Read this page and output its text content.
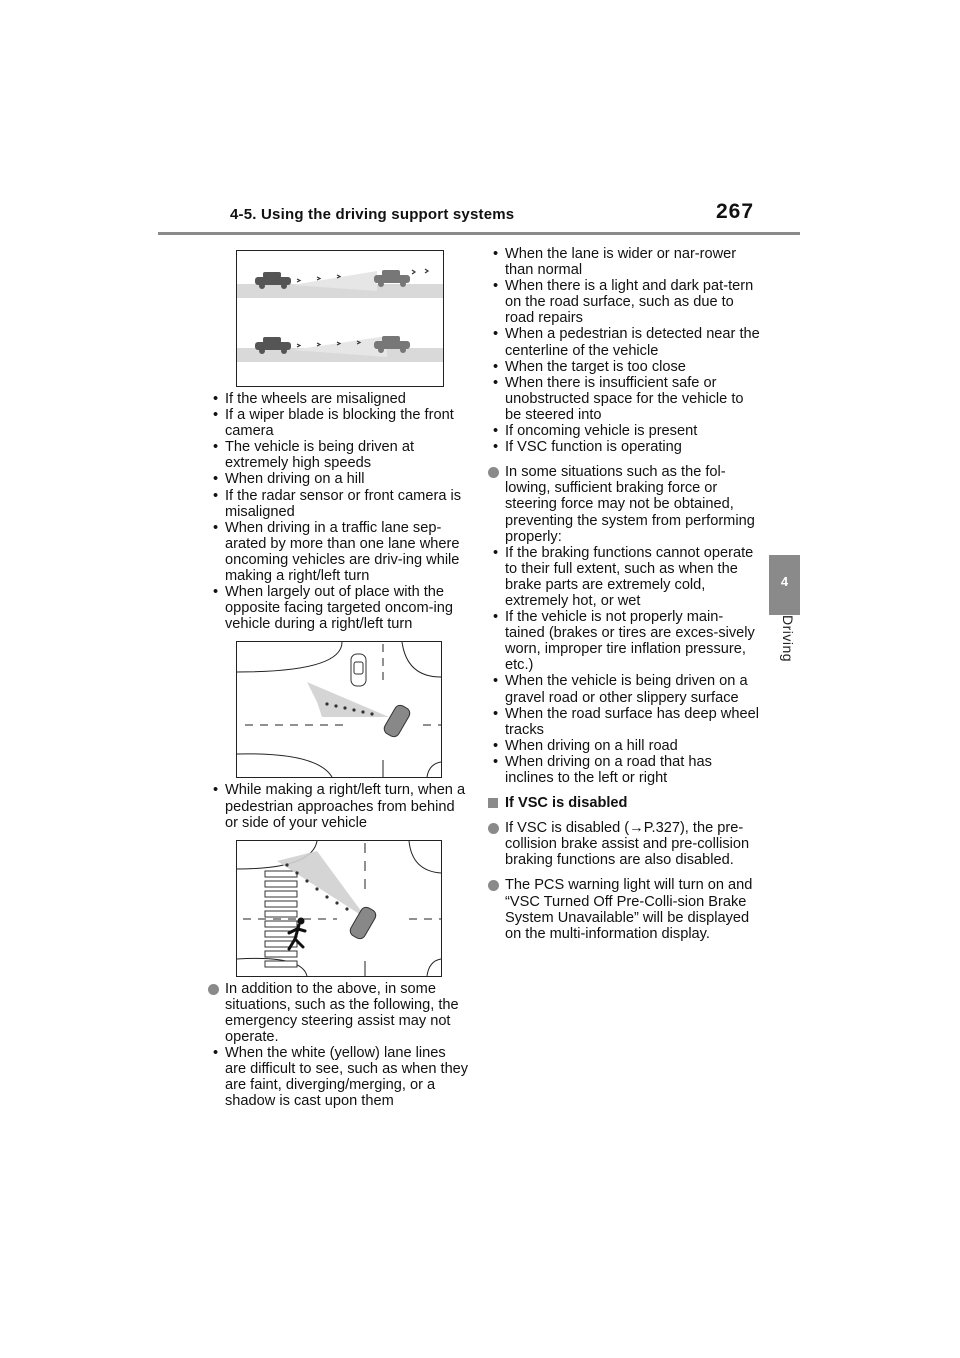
4-5. Using the driving support systems	267
4
Driving
• If the wheels are misaligned
• If a wiper blade is blocking the front camera
• The vehicle is being driven at extremely high speeds
• When driving on a hill
• If the radar sensor or front camera is misaligned
• When driving in a traffic lane sep-arated by more than one lane where oncoming vehicles are driv-ing while making a right/left turn
• When largely out of place with the opposite facing targeted oncom-ing vehicle during a right/left turn
• While making a right/left turn, when a pedestrian approaches from behind or side of your vehicle
In addition to the above, in some situations, such as the following, the emergency steering assist may not operate.
• When the white (yellow) lane lines are difficult to see, such as when they are faint, diverging/merging, or a shadow is cast upon them
• When the lane is wider or nar-rower than normal
• When there is a light and dark pat-tern on the road surface, such as due to road repairs
• When a pedestrian is detected near the centerline of the vehicle
• When the target is too close
• When there is insufficient safe or unobstructed space for the vehicle to be steered into
• If oncoming vehicle is present
• If VSC function is operating
In some situations such as the fol-lowing, sufficient braking force or steering force may not be obtained, preventing the system from performing properly:
• If the braking functions cannot operate to their full extent, such as when the brake parts are extremely cold, extremely hot, or wet
• If the vehicle is not properly main-tained (brakes or tires are exces-sively worn, improper tire inflation pressure, etc.)
• When the vehicle is being driven on a gravel road or other slippery surface
• When the road surface has deep wheel tracks
• When driving on a hill road
• When driving on a road that has inclines to the left or right
If VSC is disabled
If VSC is disabled (→P.327), the pre-collision brake assist and pre-collision braking functions are also disabled.
The PCS warning light will turn on and “VSC Turned Off Pre-Colli-sion Brake System Unavailable” will be displayed on the multi-information display.
